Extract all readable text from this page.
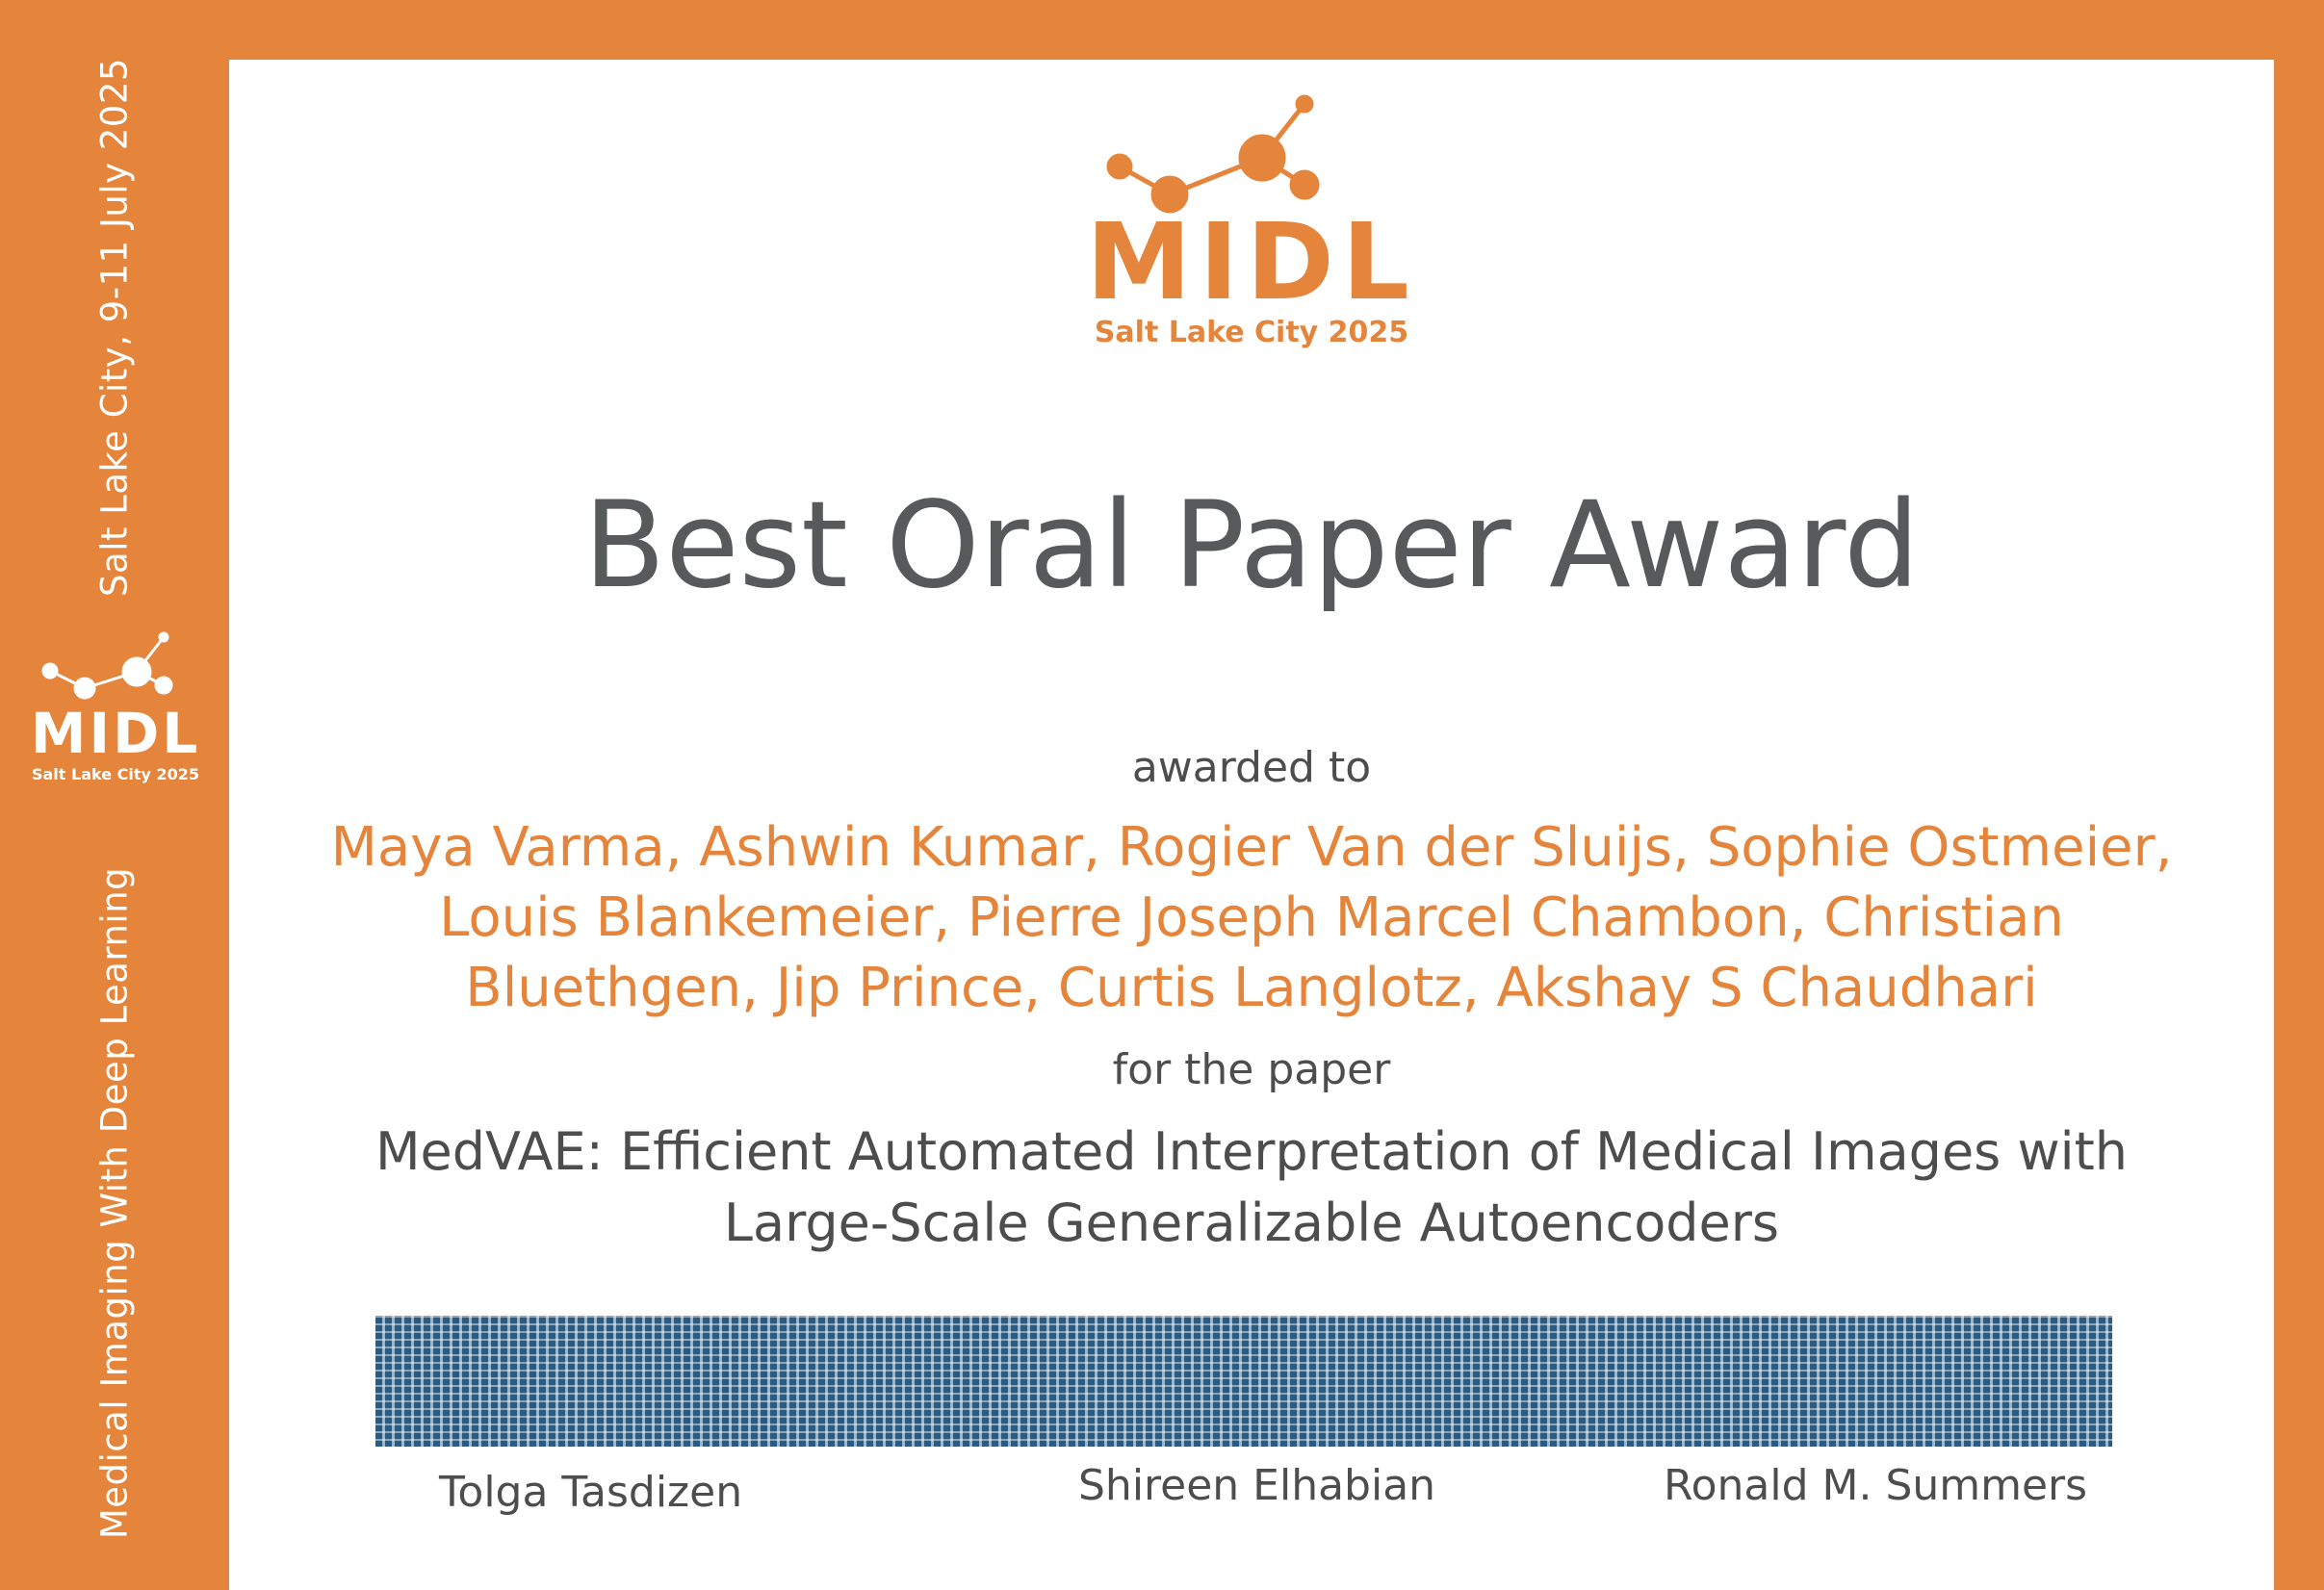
Salt Lake City, 9-11 July 2025
MIDL
Salt Lake City 2025
Medical Imaging With Deep Learning
MIDL
Salt Lake City 2025
Best Oral Paper Award
awarded to
Maya Varma, Ashwin Kumar, Rogier Van der Sluijs, Sophie Ostmeier, Louis Blankemeier, Pierre Joseph Marcel Chambon, Christian Bluethgen, Jip Prince, Curtis Langlotz, Akshay S Chaudhari
for the paper
MedVAE: Efficient Automated Interpretation of Medical Images with Large-Scale Generalizable Autoencoders
Tolga Tasdizen	Shireen Elhabian	Ronald M. Summers
